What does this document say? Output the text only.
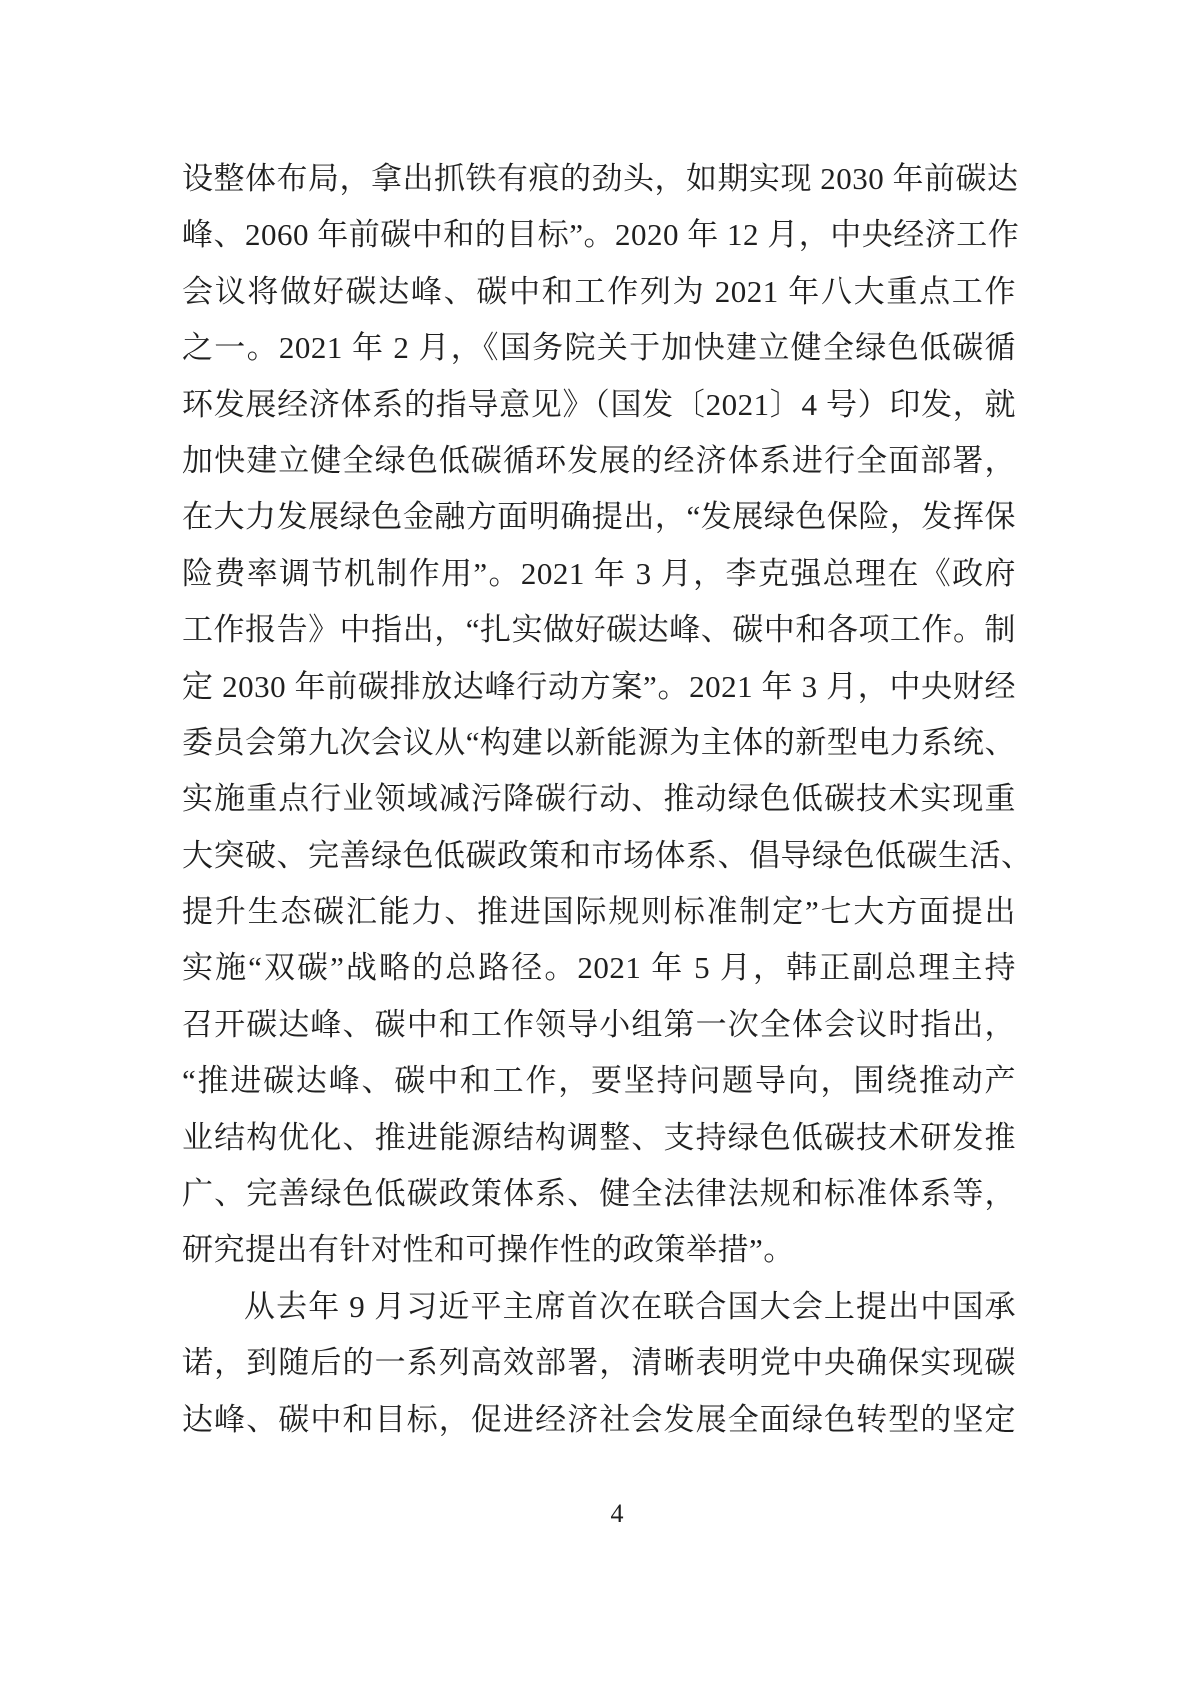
设整体布局，拿出抓铁有痕的劲头，如期实现 2030 年前碳达
峰、2060 年前碳中和的目标”。2020 年 12 月，中央经济工作
会议将做好碳达峰、碳中和工作列为 2021 年八大重点工作
之一。2021 年 2 月，《国务院关于加快建立健全绿色低碳循
环发展经济体系的指导意见》（国发〔2021〕4 号）印发，就
加快建立健全绿色低碳循环发展的经济体系进行全面部署，
在大力发展绿色金融方面明确提出，“发展绿色保险，发挥保
险费率调节机制作用”。2021 年 3 月，李克强总理在《政府
工作报告》中指出，“扎实做好碳达峰、碳中和各项工作。制
定 2030 年前碳排放达峰行动方案”。2021 年 3 月，中央财经
委员会第九次会议从“构建以新能源为主体的新型电力系统、
实施重点行业领域减污降碳行动、推动绿色低碳技术实现重
大突破、完善绿色低碳政策和市场体系、倡导绿色低碳生活、
提升生态碳汇能力、推进国际规则标准制定”七大方面提出
实施“双碳”战略的总路径。2021 年 5 月，韩正副总理主持
召开碳达峰、碳中和工作领导小组第一次全体会议时指出，
“推进碳达峰、碳中和工作，要坚持问题导向，围绕推动产
业结构优化、推进能源结构调整、支持绿色低碳技术研发推
广、完善绿色低碳政策体系、健全法律法规和标准体系等，
研究提出有针对性和可操作性的政策举措”。
从去年 9 月习近平主席首次在联合国大会上提出中国承
诺，到随后的一系列高效部署，清晰表明党中央确保实现碳
达峰、碳中和目标，促进经济社会发展全面绿色转型的坚定
4
